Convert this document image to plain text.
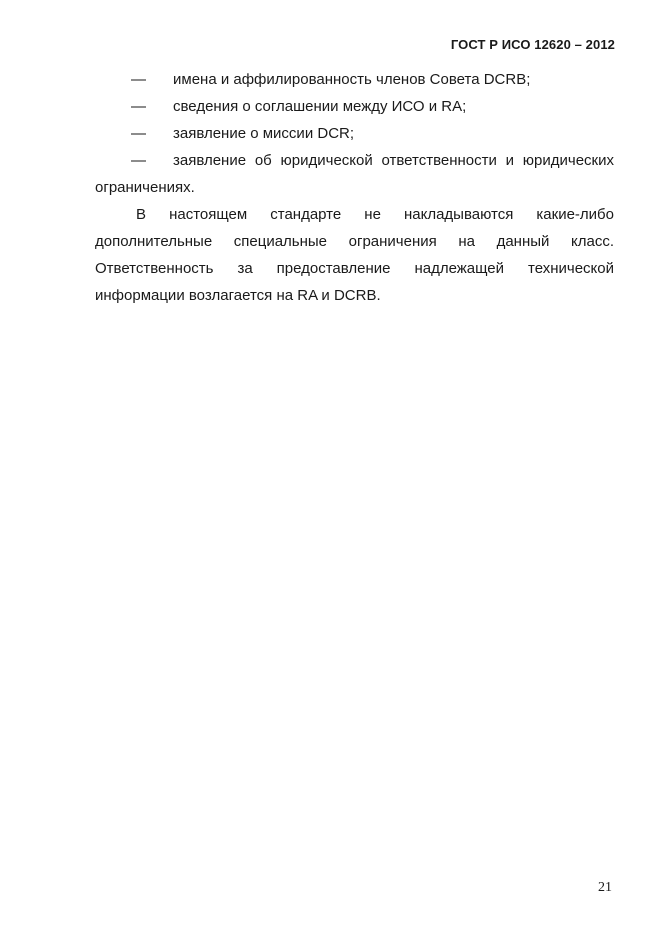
ГОСТ Р ИСО 12620 – 2012
—	имена и аффилированность членов Совета DCRB;
—	сведения о соглашении между ИСО и RA;
—	заявление о миссии DCR;
—	заявление об юридической ответственности и юридических ограничениях.
В настоящем стандарте не накладываются какие-либо дополнительные специальные ограничения на данный класс. Ответственность за предоставление надлежащей технической информации возлагается на RA и DCRB.
21
